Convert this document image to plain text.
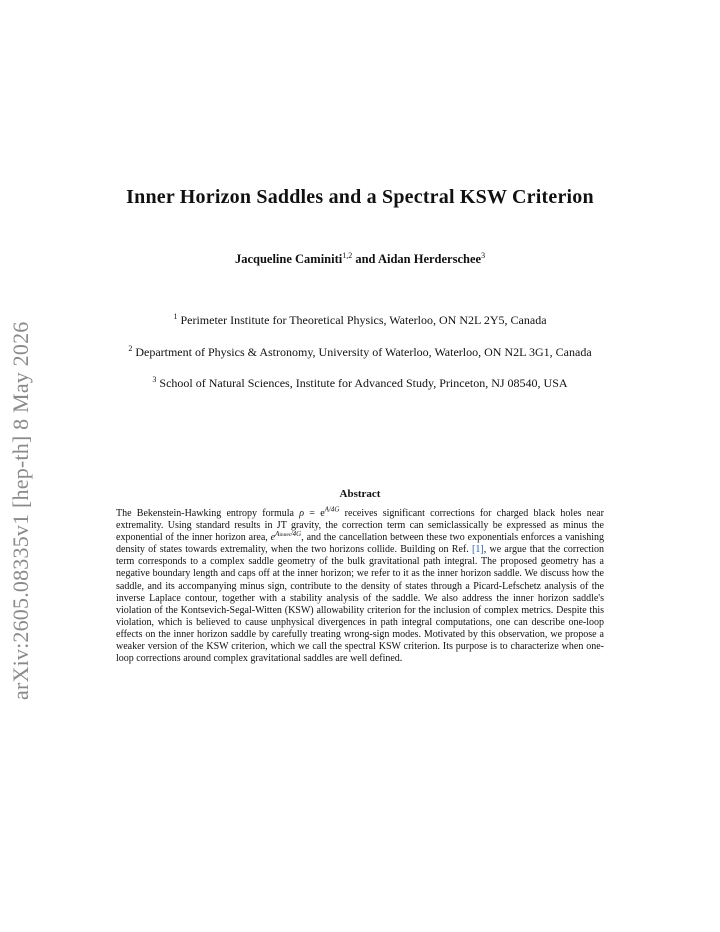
arXiv:2605.08335v1 [hep-th] 8 May 2026
Inner Horizon Saddles and a Spectral KSW Criterion
Jacqueline Caminiti$^{1,2}$ and Aidan Herderschee$^3$
$^1$ Perimeter Institute for Theoretical Physics, Waterloo, ON N2L 2Y5, Canada
$^2$ Department of Physics & Astronomy, University of Waterloo, Waterloo, ON N2L 3G1, Canada
$^3$ School of Natural Sciences, Institute for Advanced Study, Princeton, NJ 08540, USA
Abstract
The Bekenstein-Hawking entropy formula $\rho = e^{A/4G}$ receives significant corrections for charged black holes near extremality. Using standard results in JT gravity, the correction term can semiclassically be expressed as minus the exponential of the inner horizon area, $e^{Ainner/4G}$, and the cancellation between these two exponentials enforces a vanishing density of states towards extremality, when the two horizons collide. Building on Ref. [1], we argue that the correction term corresponds to a complex saddle geometry of the bulk gravitational path integral. The proposed geometry has a negative boundary length and caps off at the inner horizon; we refer to it as the inner horizon saddle. We discuss how the saddle, and its accompanying minus sign, contribute to the density of states through a Picard-Lefschetz analysis of the inverse Laplace contour, together with a stability analysis of the saddle. We also address the inner horizon saddle's violation of the Kontsevich-Segal-Witten (KSW) allowability criterion for the inclusion of complex metrics. Despite this violation, which is believed to cause unphysical divergences in path integral computations, one can describe one-loop effects on the inner horizon saddle by carefully treating wrong-sign modes. Motivated by this observation, we propose a weaker version of the KSW criterion, which we call the spectral KSW criterion. Its purpose is to characterize when one-loop corrections around complex gravitational saddles are well defined.
